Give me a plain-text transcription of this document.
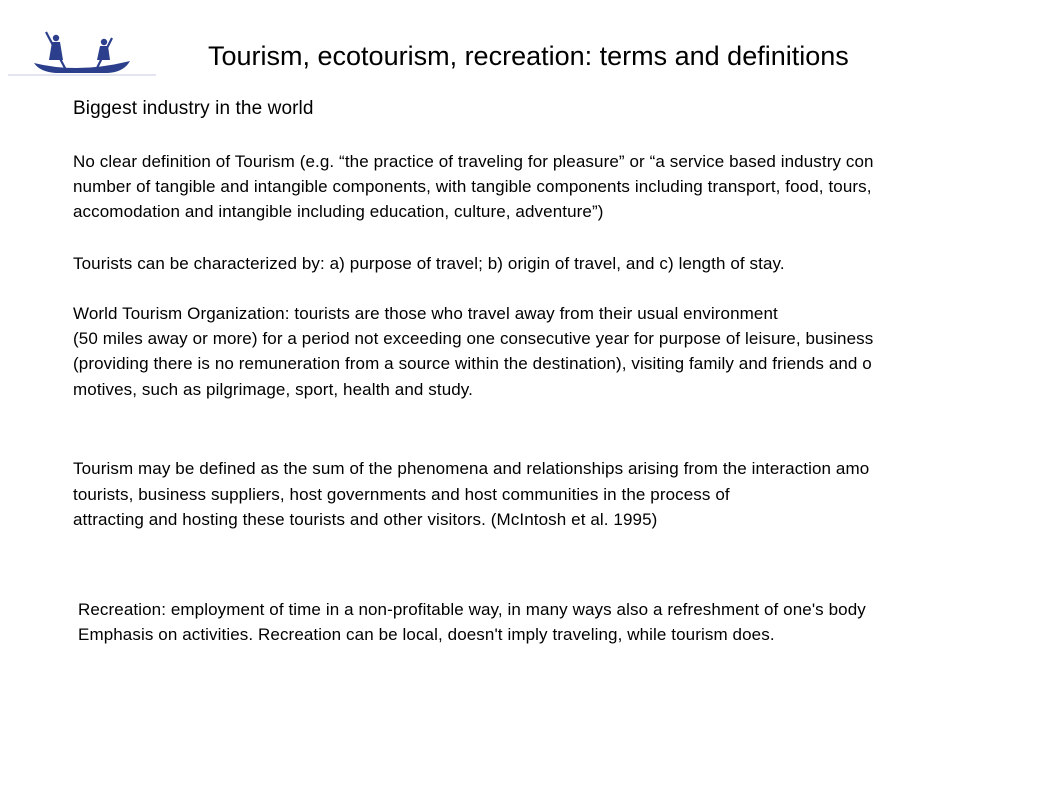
Tourism, ecotourism, recreation: terms and definitions
Biggest industry in the world
No clear definition of Tourism (e.g. “the practice of traveling for pleasure” or “a service based industry con
number of tangible and intangible components, with tangible components including transport, food, tours,
accomodation and intangible including education, culture, adventure”)
Tourists can be characterized by: a) purpose of travel; b) origin of travel, and c) length of stay.
World Tourism Organization: tourists are those who travel away from their usual environment
(50 miles away or more) for a period not exceeding one consecutive year for purpose of leisure, business
(providing there is no remuneration from a source within the destination), visiting family and friends and o
motives, such as pilgrimage, sport, health and study.
Tourism may be defined as the sum of the phenomena and relationships arising from the interaction amo
tourists, business suppliers, host governments and host communities in the process of
attracting and hosting these tourists and other visitors. (McIntosh et al. 1995)
Recreation: employment of time in a non-profitable way, in many ways also a refreshment of one's body
Emphasis on activities. Recreation can be local, doesn't imply traveling, while tourism does.
